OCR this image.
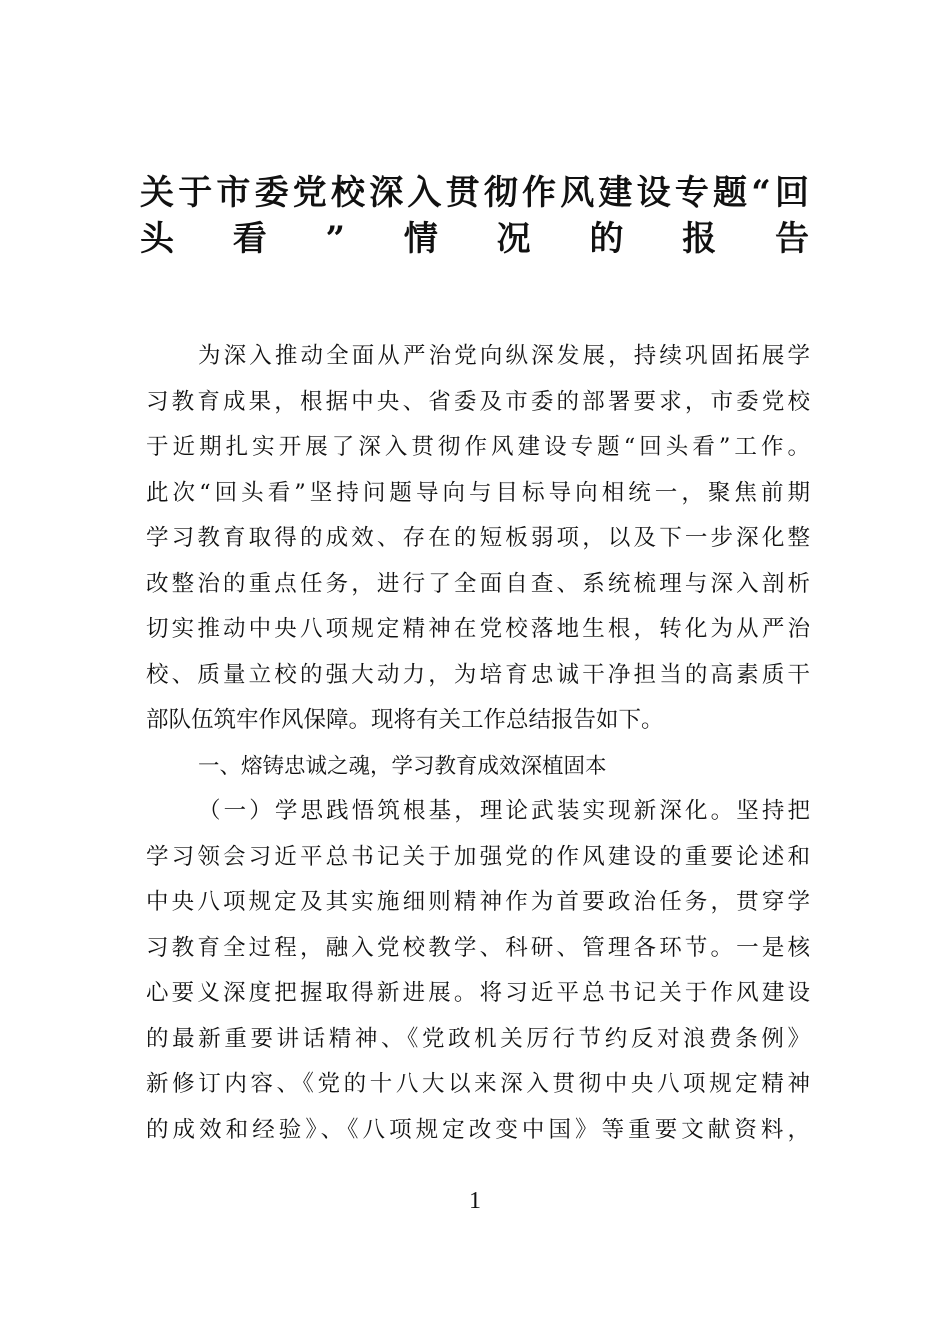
关于市委党校深入贯彻作风建设专题“回
头看”情况的报告
为深入推动全面从严治党向纵深发展，持续巩固拓展学
习教育成果，根据中央、省委及市委的部署要求，市委党校
于近期扎实开展了深入贯彻作风建设专题“回头看”工作。
此次“回头看”坚持问题导向与目标导向相统一，聚焦前期
学习教育取得的成效、存在的短板弱项，以及下一步深化整
改整治的重点任务，进行了全面自查、系统梳理与深入剖析
切实推动中央八项规定精神在党校落地生根，转化为从严治
校、质量立校的强大动力，为培育忠诚干净担当的高素质干
部队伍筑牢作风保障。现将有关工作总结报告如下。
一、熔铸忠诚之魂，学习教育成效深植固本
（一）学思践悟筑根基，理论武装实现新深化。坚持把
学习领会习近平总书记关于加强党的作风建设的重要论述和
中央八项规定及其实施细则精神作为首要政治任务，贯穿学
习教育全过程，融入党校教学、科研、管理各环节。一是核
心要义深度把握取得新进展。将习近平总书记关于作风建设
的最新重要讲话精神、《党政机关厉行节约反对浪费条例》
新修订内容、《党的十八大以来深入贯彻中央八项规定精神
的成效和经验》、《八项规定改变中国》等重要文献资料，
1
